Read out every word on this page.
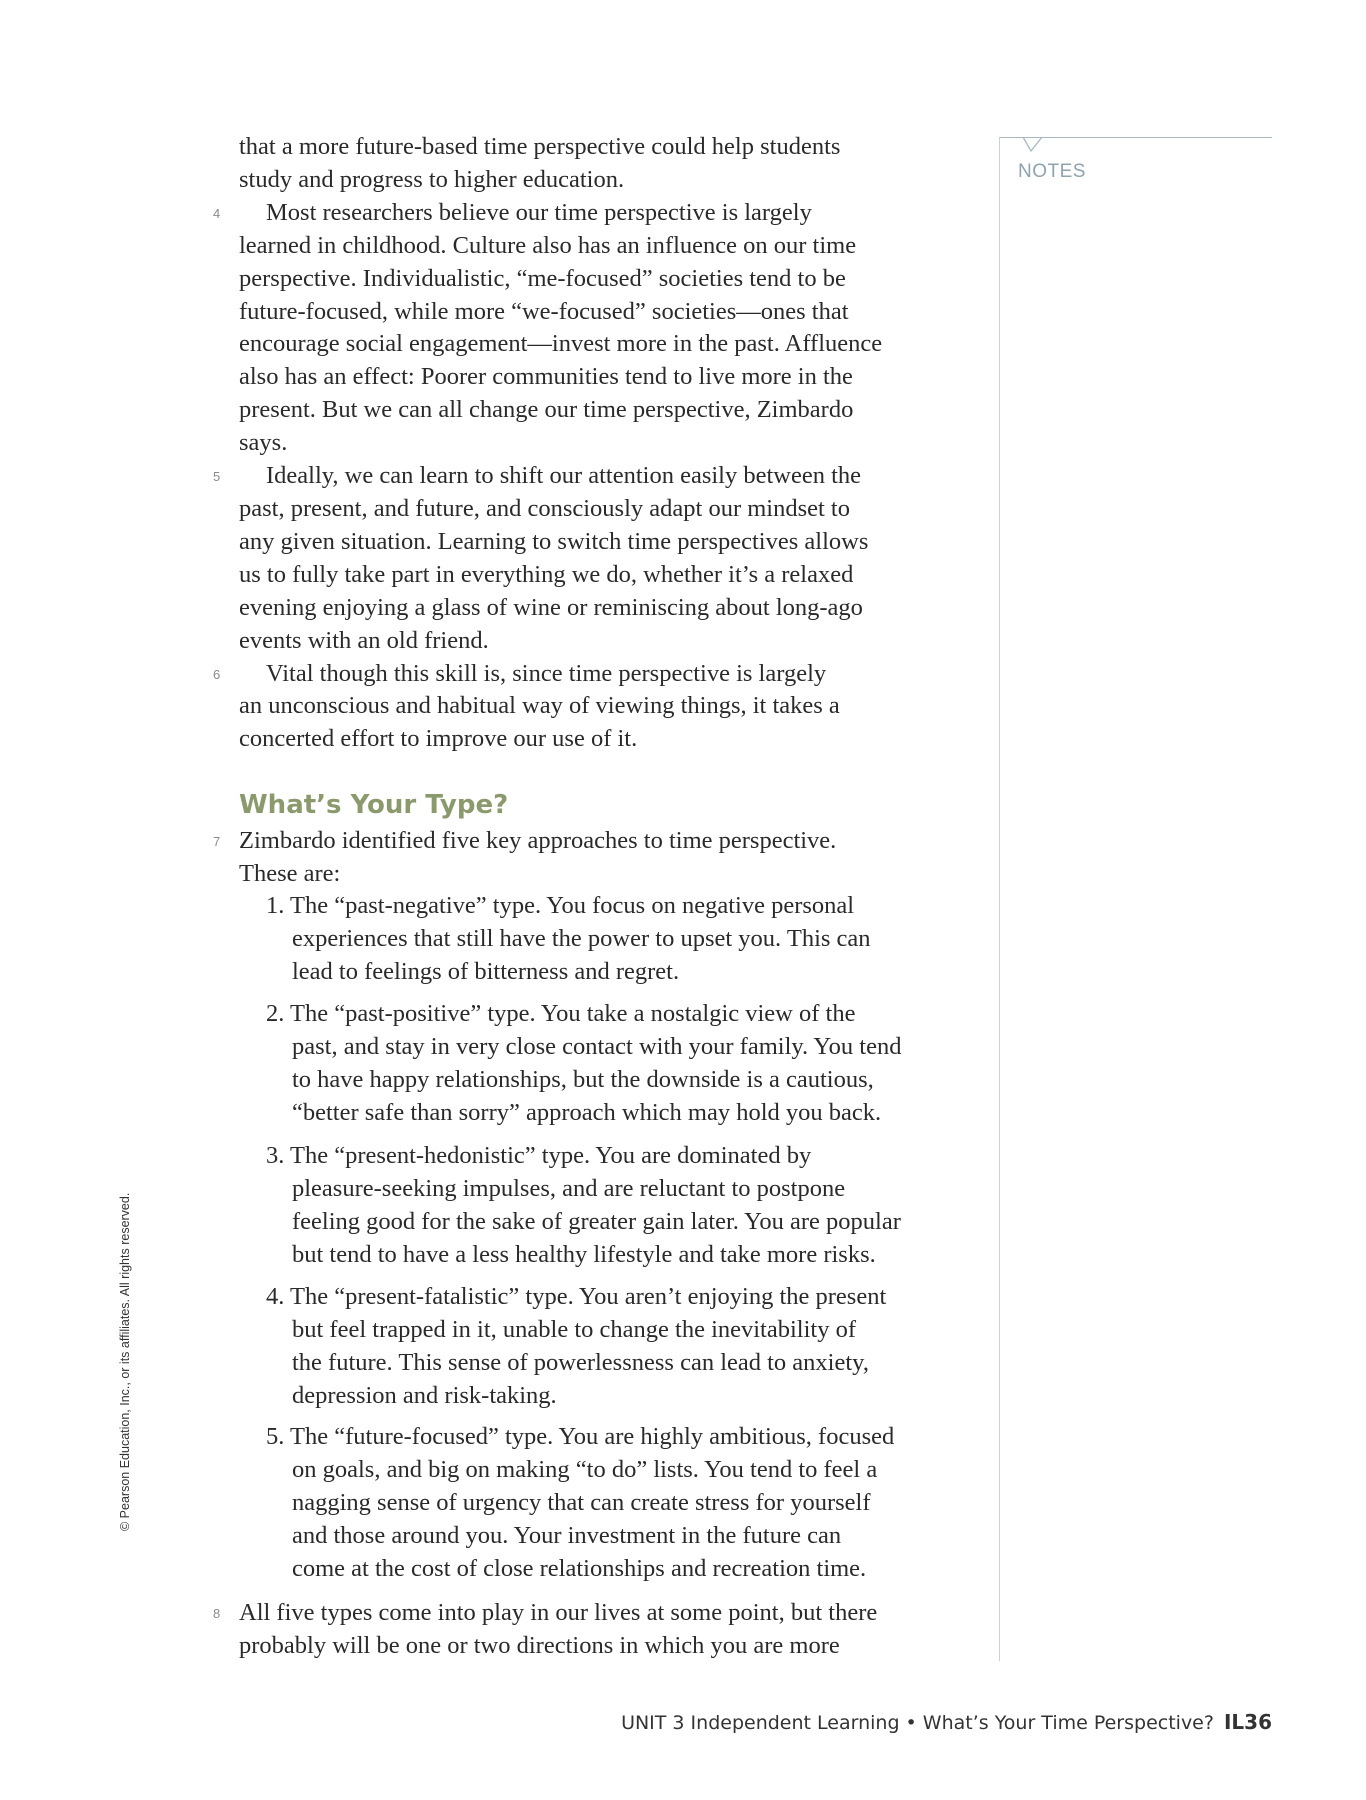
NOTES
that a more future-based time perspective could help students
study and progress to higher education.
4 Most researchers believe our time perspective is largely
learned in childhood. Culture also has an influence on our time
perspective. Individualistic, “me-focused” societies tend to be
future-focused, while more “we-focused” societies—ones that
encourage social engagement—invest more in the past. Affluence
also has an effect: Poorer communities tend to live more in the
present. But we can all change our time perspective, Zimbardo
says.
5 Ideally, we can learn to shift our attention easily between the
past, present, and future, and consciously adapt our mindset to
any given situation. Learning to switch time perspectives allows
us to fully take part in everything we do, whether it’s a relaxed
evening enjoying a glass of wine or reminiscing about long-ago
events with an old friend.
6 Vital though this skill is, since time perspective is largely
an unconscious and habitual way of viewing things, it takes a
concerted effort to improve our use of it.
What’s Your Type?
7 Zimbardo identified five key approaches to time perspective.
These are:
1. The “past-negative” type. You focus on negative personal
experiences that still have the power to upset you. This can
lead to feelings of bitterness and regret.
2. The “past-positive” type. You take a nostalgic view of the
past, and stay in very close contact with your family. You tend
to have happy relationships, but the downside is a cautious,
“better safe than sorry” approach which may hold you back.
3. The “present-hedonistic” type. You are dominated by
pleasure-seeking impulses, and are reluctant to postpone
feeling good for the sake of greater gain later. You are popular
but tend to have a less healthy lifestyle and take more risks.
4. The “present-fatalistic” type. You aren’t enjoying the present
but feel trapped in it, unable to change the inevitability of
the future. This sense of powerlessness can lead to anxiety,
depression and risk-taking.
5. The “future-focused” type. You are highly ambitious, focused
on goals, and big on making “to do” lists. You tend to feel a
nagging sense of urgency that can create stress for yourself
and those around you. Your investment in the future can
come at the cost of close relationships and recreation time.
8 All five types come into play in our lives at some point, but there
probably will be one or two directions in which you are more
© Pearson Education, Inc., or its affiliates. All rights reserved.
UNIT 3 Independent Learning • What’s Your Time Perspective? IL36
